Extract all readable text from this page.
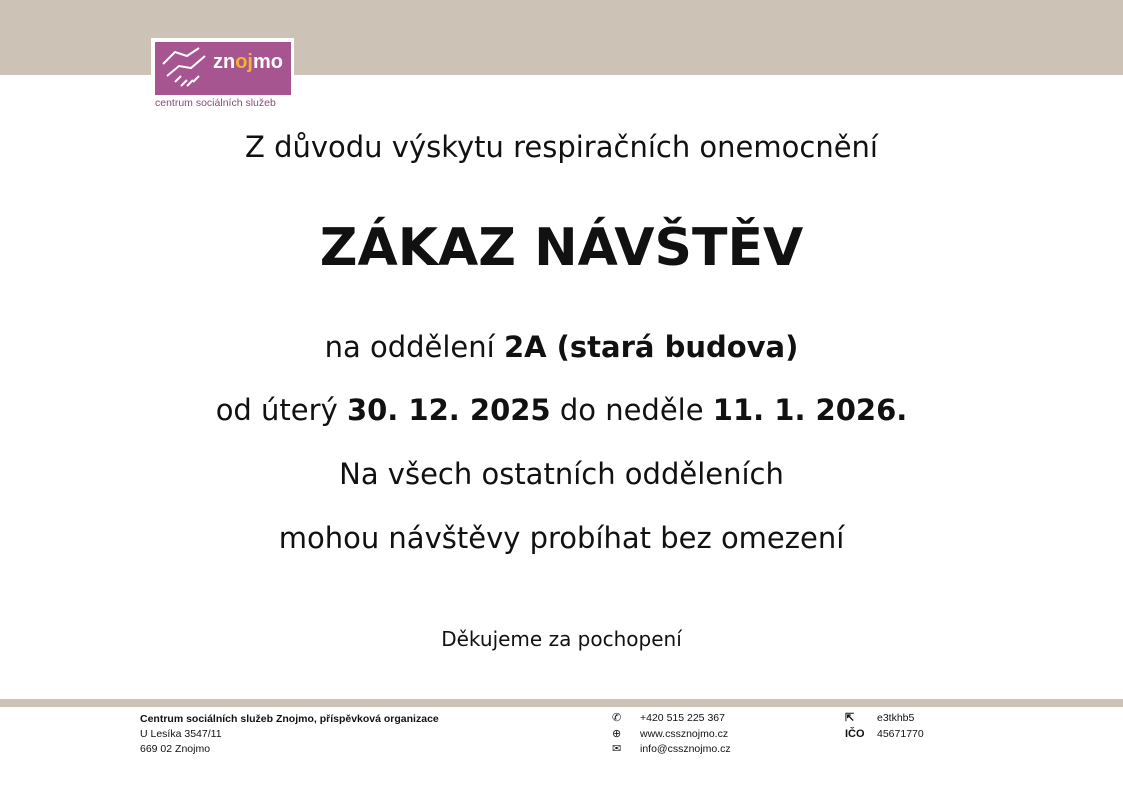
znojmo
centrum sociálních služeb
Z důvodu výskytu respiračních onemocnění
ZÁKAZ NÁVŠTĚV
na oddělení 2A (stará budova)
od úterý 30. 12. 2025 do neděle 11. 1. 2026.
Na všech ostatních odděleních
mohou návštěvy probíhat bez omezení
Děkujeme za pochopení
Centrum sociálních služeb Znojmo, příspěvková organizace
U Lesíka 3547/11
669 02 Znojmo
✆	+420 515 225 367
⊕	www.cssznojmo.cz
✉	info@cssznojmo.cz
⇱	e3tkhb5
IČO	45671770
